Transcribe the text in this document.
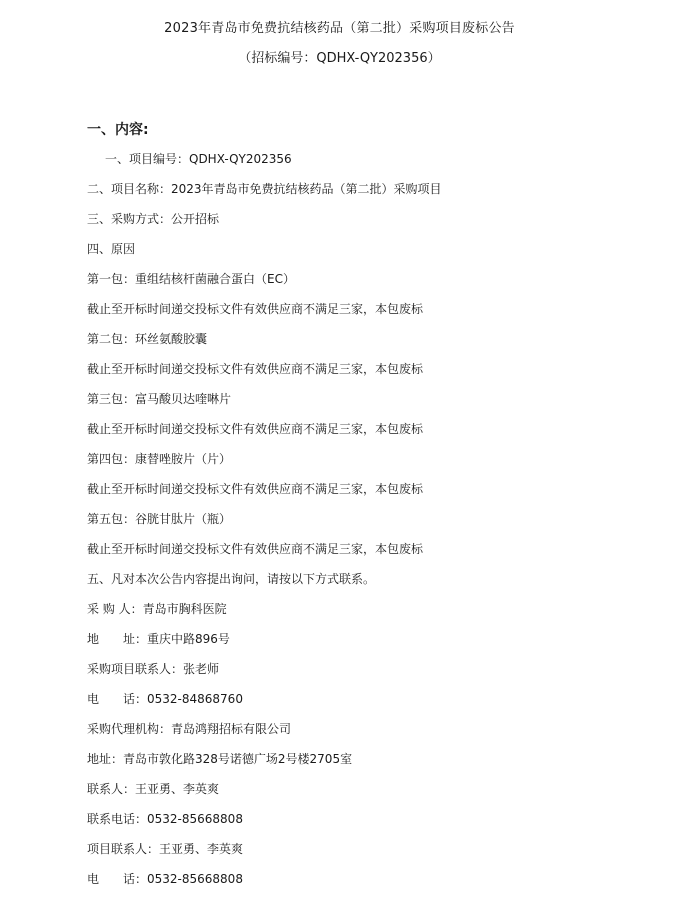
2023年青岛市免费抗结核药品（第二批）采购项目废标公告
（招标编号：QDHX-QY202356）
一、内容:
一、项目编号：QDHX-QY202356
二、项目名称：2023年青岛市免费抗结核药品（第二批）采购项目
三、采购方式：公开招标
四、原因
第一包：重组结核杆菌融合蛋白（EC）
截止至开标时间递交投标文件有效供应商不满足三家，本包废标
第二包：环丝氨酸胶囊
截止至开标时间递交投标文件有效供应商不满足三家，本包废标
第三包：富马酸贝达喹啉片
截止至开标时间递交投标文件有效供应商不满足三家，本包废标
第四包：康替唑胺片（片）
截止至开标时间递交投标文件有效供应商不满足三家，本包废标
第五包：谷胱甘肽片（瓶）
截止至开标时间递交投标文件有效供应商不满足三家，本包废标
五、凡对本次公告内容提出询问，请按以下方式联系。
采 购 人：青岛市胸科医院
地　　址：重庆中路896号
采购项目联系人：张老师
电　　话：0532-84868760
采购代理机构：青岛鸿翔招标有限公司
地址：青岛市敦化路328号诺德广场2号楼2705室
联系人：王亚勇、李英爽
联系电话：0532-85668808
项目联系人：王亚勇、李英爽
电　　话：0532-85668808
